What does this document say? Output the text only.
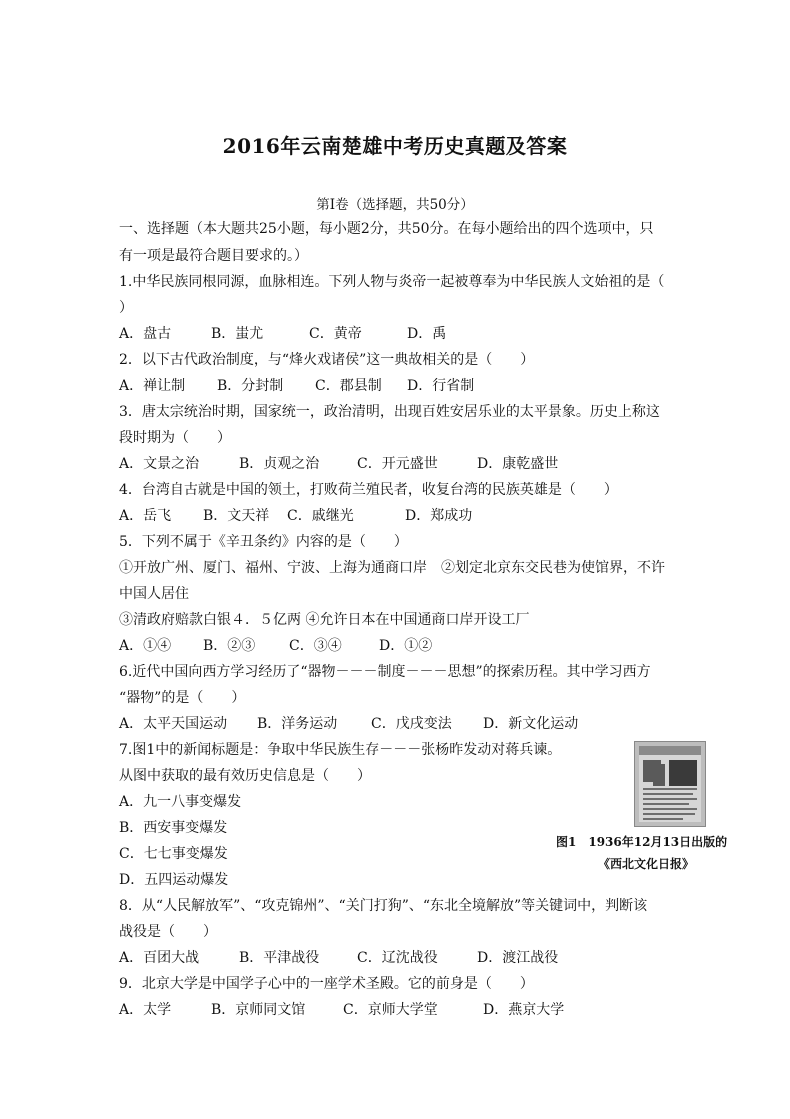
2016年云南楚雄中考历史真题及答案
第Ⅰ卷（选择题，共50分）
一、选择题（本大题共25小题，每小题2分，共50分。在每小题给出的四个选项中，只
有一项是最符合题目要求的。）
1.中华民族同根同源，血脉相连。下列人物与炎帝一起被尊奉为中华民族人文始祖的是（
）
A．盘古	B．蚩尤	C．黄帝	D．禹
2．以下古代政治制度，与“烽火戏诸侯”这一典故相关的是（　　）
A．禅让制 B．分封制 C．郡县制 D．行省制
3．唐太宗统治时期，国家统一，政治清明，出现百姓安居乐业的太平景象。历史上称这
段时期为（　　）
A．文景之治	B．贞观之治	C．开元盛世	D．康乾盛世
4．台湾自古就是中国的领土，打败荷兰殖民者，收复台湾的民族英雄是（　　）
A．岳飞 B．文天祥 C．戚继光	D．郑成功
5．下列不属于《辛丑条约》内容的是（　　）
①开放广州、厦门、福州、宁波、上海为通商口岸　②划定北京东交民巷为使馆界，不许
中国人居住
③清政府赔款白银４．５亿两 ④允许日本在中国通商口岸开设工厂
A．①④ B．②③ C．③④	D．①②
6.近代中国向西方学习经历了“器物－－－制度－－－思想”的探索历程。其中学习西方
“器物”的是（　　）
A．太平天国运动 B．洋务运动 C．戊戌变法 D．新文化运动
7.图1中的新闻标题是：争取中华民族生存－－－张杨昨发动对蒋兵谏。
从图中获取的最有效历史信息是（　　）
A．九一八事变爆发
B．西安事变爆发
C．七七事变爆发
D．五四运动爆发
图1　1936年12月13日出版的
《西北文化日报》
8．从“人民解放军”、“攻克锦州”、“关门打狗”、“东北全境解放”等关键词中，判断该
战役是（　　）
A．百团大战	B．平津战役	C．辽沈战役	D．渡江战役
9．北京大学是中国学子心中的一座学术圣殿。它的前身是（　　）
A．太学	B．京师同文馆	C．京师大学堂	D．燕京大学
